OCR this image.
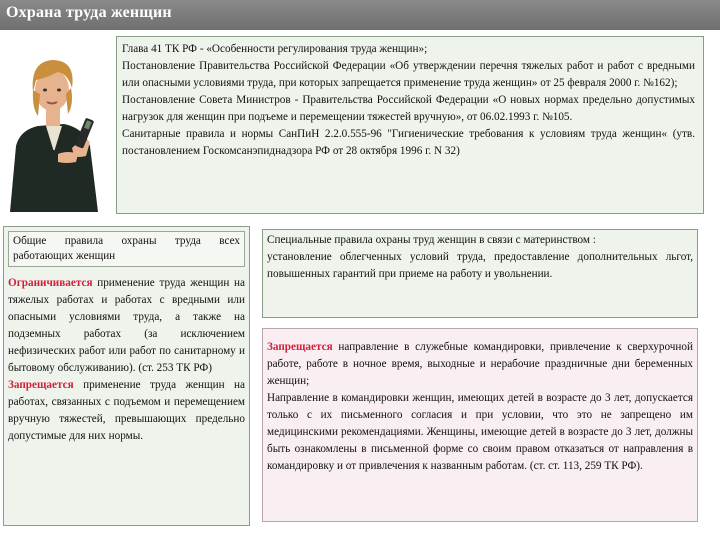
Охрана труда женщин

Глава 41 ТК РФ - «Особенности регулирования труда женщин»;

Постановление Правительства Российской Федерации «Об утверждении перечня тяжелых работ и работ с вредными или опасными условиями труда, при которых запрещается применение труда женщин» от 25 февраля 2000 г. №162);

Постановление Совета Министров - Правительства Российской Федерации «О новых нормах предельно допустимых нагрузок для женщин при подъеме и перемещении тяжестей вручную», от 06.02.1993 г. №105.

Санитарные правила и нормы СанПиН 2.2.0.555-96 "Гигиенические требования к условиям труда женщин« (утв. постановлением Госкомсанэпиднадзора РФ от 28 октября 1996 г. N 32)

Общие правила охраны труда всех работающих женщин

Ограничивается применение труда женщин на тяжелых работах и работах с вредными или опасными условиями труда, а также на подземных работах (за исключением нефизических работ или работ по санитарному и бытовому обслуживанию). (ст. 253 ТК РФ)

Запрещается применение труда женщин на работах, связанных с подъемом и перемещением вручную тяжестей, превышающих предельно допустимые для них нормы.

Специальные правила охраны труд женщин в связи с материнством :

установление облегченных условий труда, предоставление дополнительных льгот, повышенных гарантий при приеме на работу и увольнении.

Запрещается направление в служебные командировки, привлечение к сверхурочной работе, работе в ночное время, выходные и нерабочие праздничные дни беременных женщин;

Направление в командировки женщин, имеющих детей в возрасте до 3 лет, допускается только с их письменного согласия и при условии, что это не запрещено им медицинскими рекомендациями. Женщины, имеющие детей в возрасте до 3 лет, должны быть ознакомлены в письменной форме со своим правом отказаться от направления в командировку и от привлечения к названным работам. (ст. ст. 113, 259 ТК РФ).
